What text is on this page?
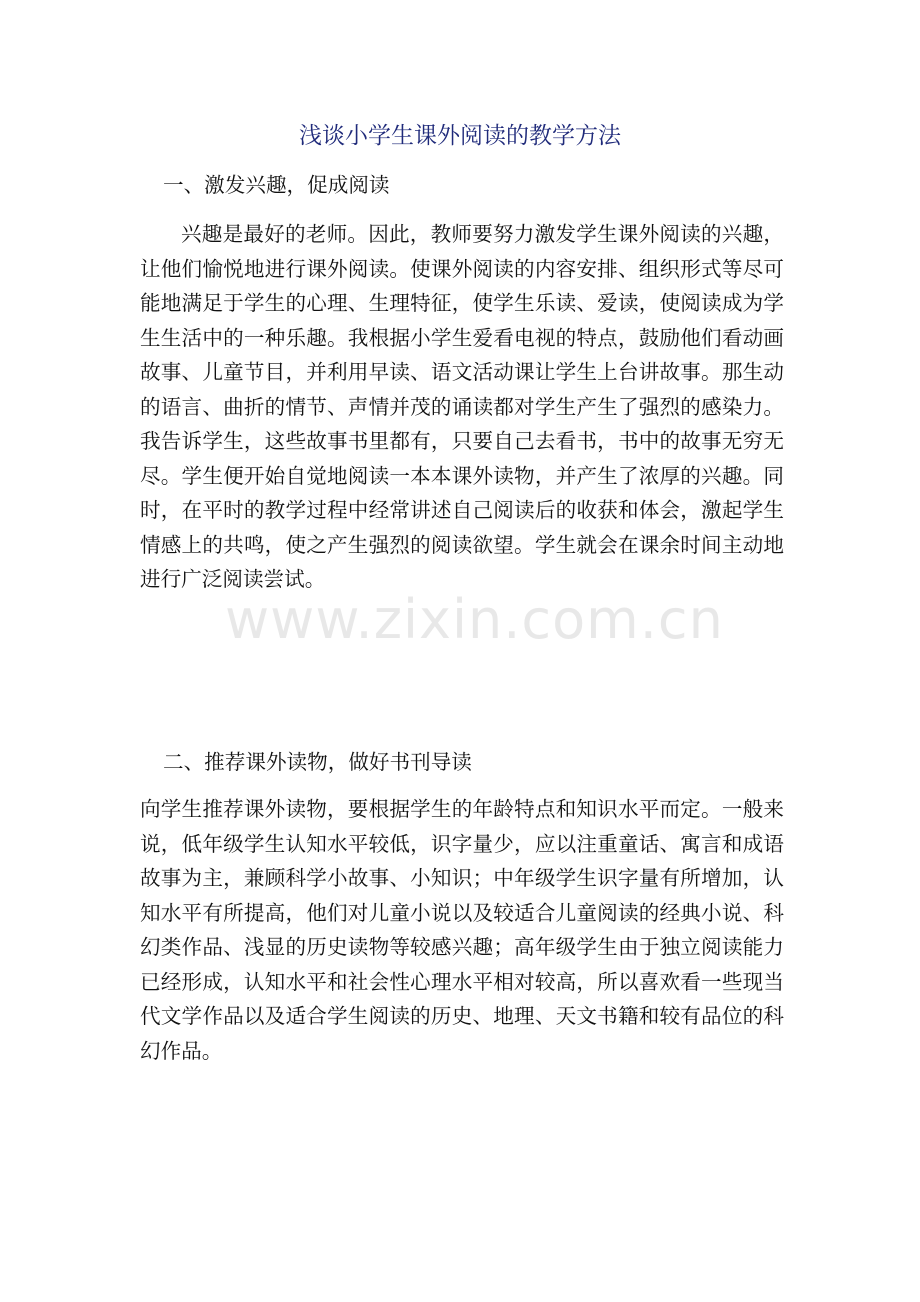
浅谈小学生课外阅读的教学方法

一、激发兴趣，促成阅读

兴趣是最好的老师。因此，教师要努力激发学生课外阅读的兴趣，让他们愉悦地进行课外阅读。使课外阅读的内容安排、组织形式等尽可能地满足于学生的心理、生理特征，使学生乐读、爱读，使阅读成为学生生活中的一种乐趣。我根据小学生爱看电视的特点，鼓励他们看动画故事、儿童节目，并利用早读、语文活动课让学生上台讲故事。那生动的语言、曲折的情节、声情并茂的诵读都对学生产生了强烈的感染力。我告诉学生，这些故事书里都有，只要自己去看书，书中的故事无穷无尽。学生便开始自觉地阅读一本本课外读物，并产生了浓厚的兴趣。同时，在平时的教学过程中经常讲述自己阅读后的收获和体会，激起学生情感上的共鸣，使之产生强烈的阅读欲望。学生就会在课余时间主动地进行广泛阅读尝试。

二、推荐课外读物，做好书刊导读

向学生推荐课外读物，要根据学生的年龄特点和知识水平而定。一般来说，低年级学生认知水平较低，识字量少，应以注重童话、寓言和成语故事为主，兼顾科学小故事、小知识；中年级学生识字量有所增加，认知水平有所提高，他们对儿童小说以及较适合儿童阅读的经典小说、科幻类作品、浅显的历史读物等较感兴趣；高年级学生由于独立阅读能力已经形成，认知水平和社会性心理水平相对较高，所以喜欢看一些现当代文学作品以及适合学生阅读的历史、地理、天文书籍和较有品位的科幻作品。

www.zixin.com.cn
